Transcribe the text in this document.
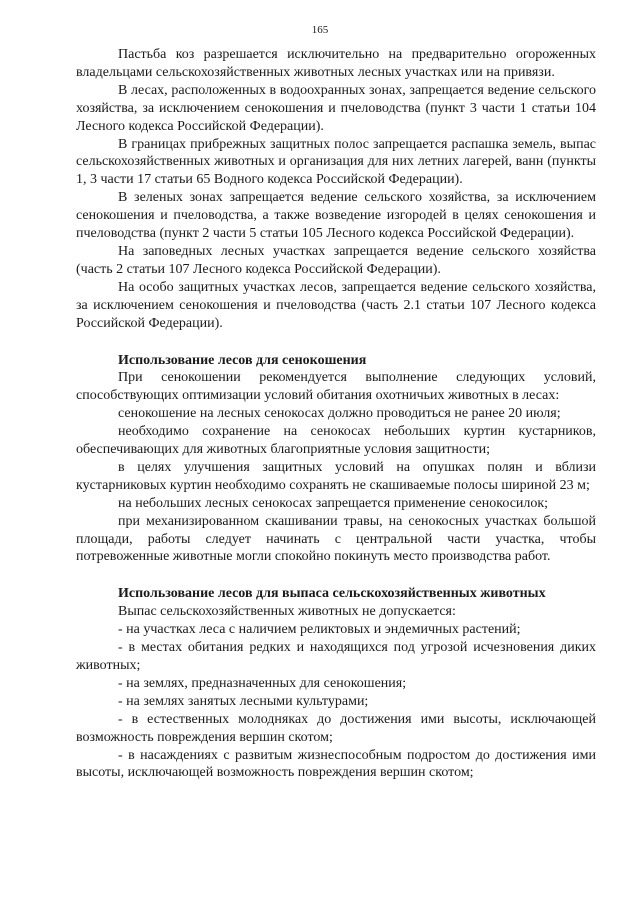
165

Пастьба коз разрешается исключительно на предварительно огороженных владельцами сельскохозяйственных животных лесных участках или на привязи.

В лесах, расположенных в водоохранных зонах, запрещается ведение сельского хозяйства, за исключением сенокошения и пчеловодства (пункт 3 части 1 статьи 104 Лесного кодекса Российской Федерации).

В границах прибрежных защитных полос запрещается распашка земель, выпас сельскохозяйственных животных и организация для них летних лагерей, ванн (пункты 1, 3 части 17 статьи 65 Водного кодекса Российской Федерации).

В зеленых зонах запрещается ведение сельского хозяйства, за исключением сенокошения и пчеловодства, а также возведение изгородей в целях сенокошения и пчеловодства (пункт 2 части 5 статьи 105 Лесного кодекса Российской Федерации).

На заповедных лесных участках запрещается ведение сельского хозяйства (часть 2 статьи 107 Лесного кодекса Российской Федерации).

На особо защитных участках лесов, запрещается ведение сельского хозяйства, за исключением сенокошения и пчеловодства (часть 2.1 статьи 107 Лесного кодекса Российской Федерации).

Использование лесов для сенокошения

При сенокошении рекомендуется выполнение следующих условий, способствующих оптимизации условий обитания охотничьих животных в лесах:

сенокошение на лесных сенокосах должно проводиться не ранее 20 июля;

необходимо сохранение на сенокосах небольших куртин кустарников, обеспечивающих для животных благоприятные условия защитности;

в целях улучшения защитных условий на опушках полян и вблизи кустарниковых куртин необходимо сохранять не скашиваемые полосы шириной 23 м;

на небольших лесных сенокосах запрещается применение сенокосилок;

при механизированном скашивании травы, на сенокосных участках большой площади, работы следует начинать с центральной части участка, чтобы потревоженные животные могли спокойно покинуть место производства работ.

Использование лесов для выпаса сельскохозяйственных животных

Выпас сельскохозяйственных животных не допускается:

- на участках леса с наличием реликтовых и эндемичных растений;

- в местах обитания редких и находящихся под угрозой исчезновения диких животных;

- на землях, предназначенных для сенокошения;

- на землях занятых лесными культурами;

- в естественных молодняках до достижения ими высоты, исключающей возможность повреждения вершин скотом;

- в насаждениях с развитым жизнеспособным подростом до достижения ими высоты, исключающей возможность повреждения вершин скотом;
